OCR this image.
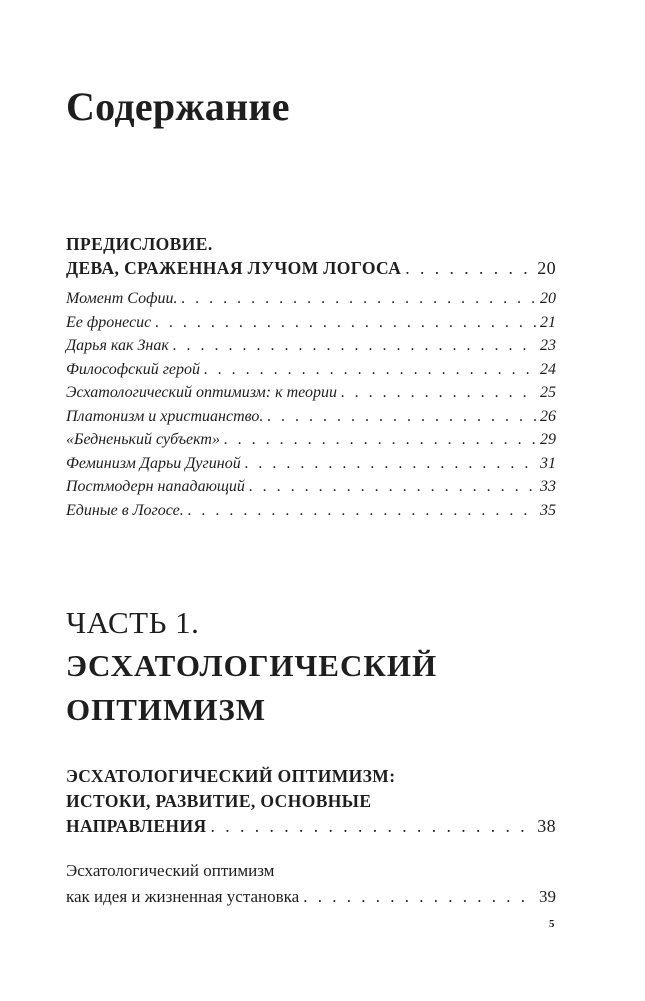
Содержание
ПРЕДИСЛОВИЕ.
ДЕВА, СРАЖЕННАЯ ЛУЧОМ ЛОГОСА . . .	20
Момент Софии. . . .	20
Ее фронесис . . .	21
Дарья как Знак . . .	23
Философский герой . . .	24
Эсхатологический оптимизм: к теории . . .	25
Платонизм и христианство. . . .	26
«Бедненький субъект» . . .	29
Феминизм Дарьи Дугиной . . .	31
Постмодерн нападающий . . .	33
Единые в Логосе. . . .	35
ЧАСТЬ 1.
ЭСХАТОЛОГИЧЕСКИЙ
ОПТИМИЗМ
ЭСХАТОЛОГИЧЕСКИЙ ОПТИМИЗМ:
ИСТОКИ, РАЗВИТИЕ, ОСНОВНЫЕ
НАПРАВЛЕНИЯ . . .	38
Эсхатологический оптимизм
как идея и жизненная установка . . .	39
5
